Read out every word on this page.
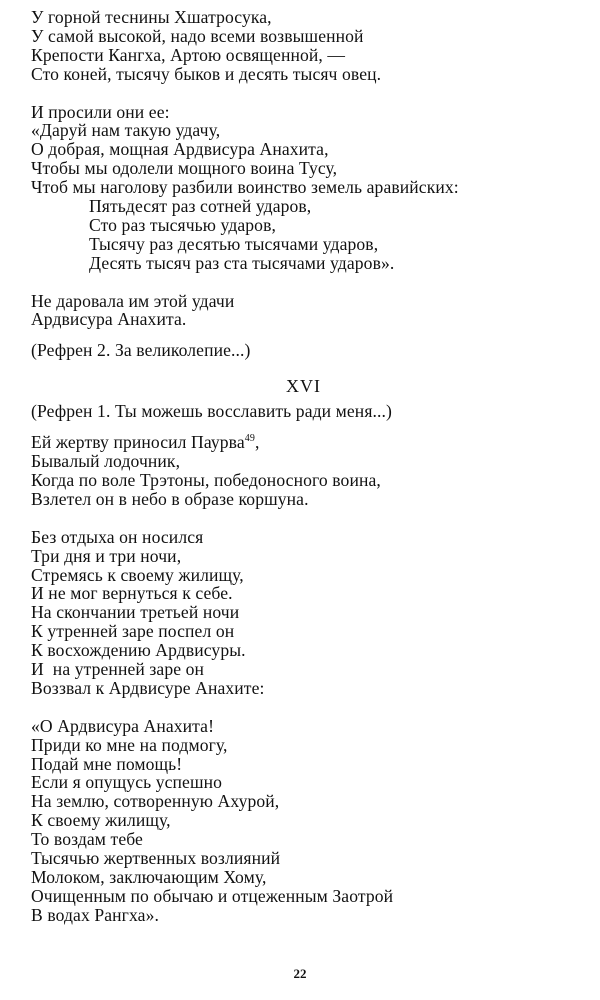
У горной теснины Хшатросука,
У самой высокой, надо всеми возвышенной
Крепости Кангха, Артою освященной, —
Сто коней, тысячу быков и десять тысяч овец.
И просили они ее:
«Даруй нам такую удачу,
О добрая, мощная Ардвисура Анахита,
Чтобы мы одолели мощного воина Тусу,
Чтоб мы наголову разбили воинство земель аравийских:
Пятьдесят раз сотней ударов,
Сто раз тысячью ударов,
Тысячу раз десятью тысячами ударов,
Десять тысяч раз ста тысячами ударов».
Не даровала им этой удачи
Ардвисура Анахита.
(Рефрен 2. За великолепие...)
XVI
(Рефрен 1. Ты можешь восславить ради меня...)
Ей жертву приносил Паурва$^{49}$,
Бывалый лодочник,
Когда по воле Трэтоны, победоносного воина,
Взлетел он в небо в образе коршуна.
Без отдыха он носился
Три дня и три ночи,
Стремясь к своему жилищу,
И не мог вернуться к себе.
На скончании третьей ночи
К утренней заре поспел он
К восхождению Ардвисуры.
И  на утренней заре он
Воззвал к Ардвисуре Анахите:
«О Ардвисура Анахита!
Приди ко мне на подмогу,
Подай мне помощь!
Если я опущусь успешно
На землю, сотворенную Ахурой,
К своему жилищу,
То воздам тебе
Тысячью жертвенных возлияний
Молоком, заключающим Хому,
Очищенным по обычаю и отцеженным Заотрой
В водах Рангха».
22
